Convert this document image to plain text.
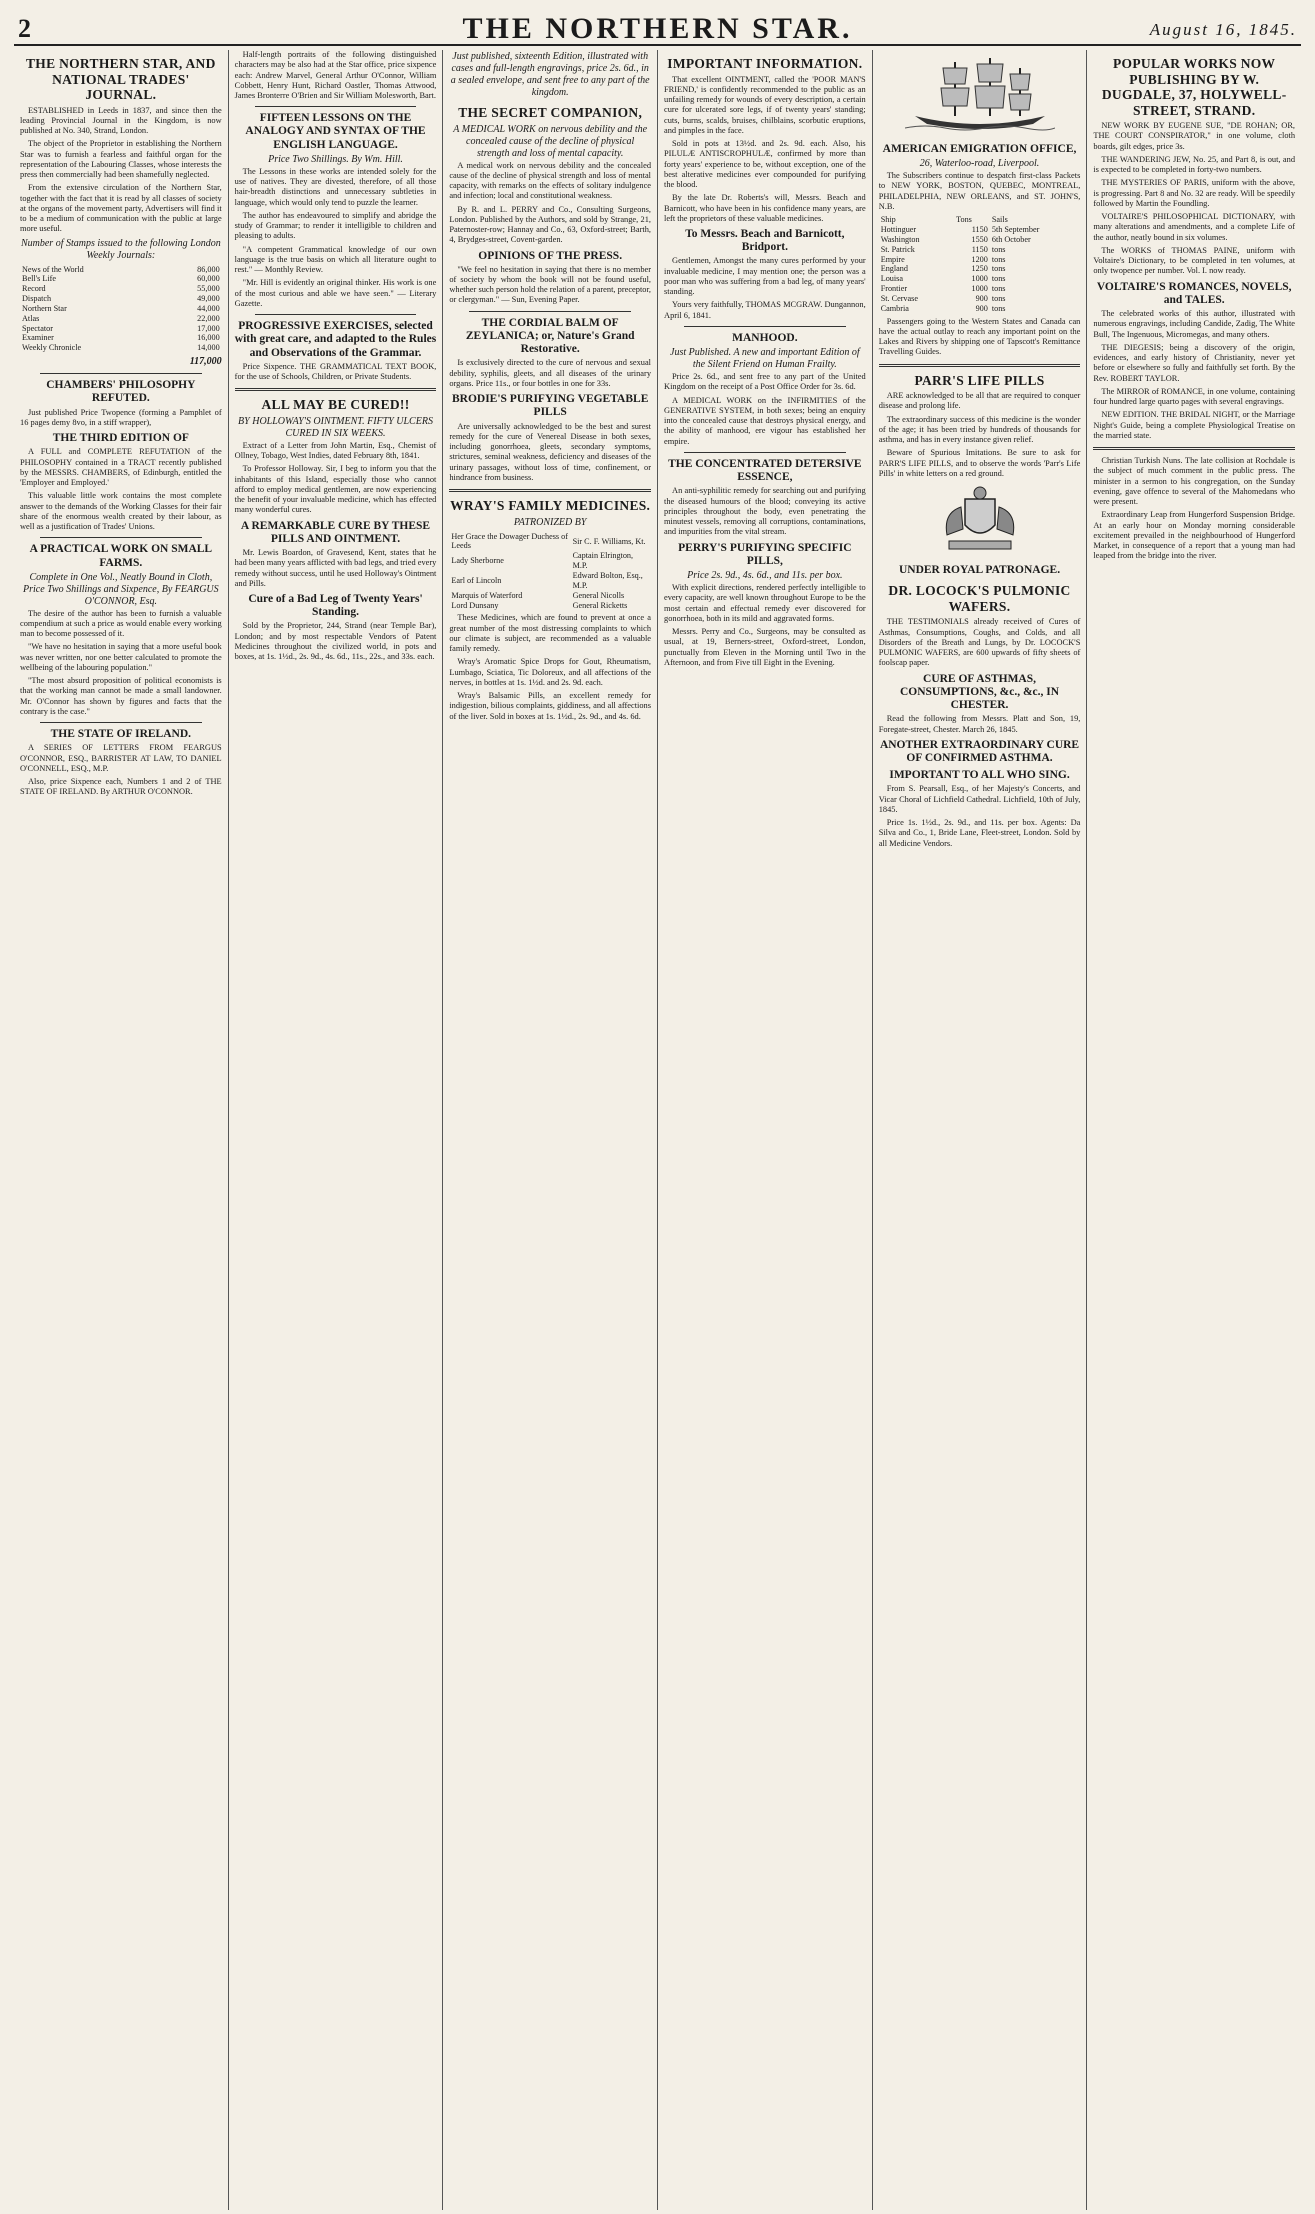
2	THE NORTHERN STAR.	August 16, 1845.
THE NORTHERN STAR, AND NATIONAL TRADES' JOURNAL.

ESTABLISHED in Leeds in 1837, and since then the leading Provincial Journal in the Kingdom, is now published at No. 340, Strand, London.

The object of the Proprietor in establishing the Northern Star was to furnish a fearless and faithful organ for the representation of the Labouring Classes, whose interests the press then commercially had been shamefully neglected.

From the extensive circulation of the Northern Star, together with the fact that it is read by all classes of society at the organs of the movement party, Advertisers will find it to be a medium of communication with the public at large more useful.

Number of Stamps issued to the following London Weekly Journals:
News of the World	86,000
Bell's Life	60,000
Record	55,000
Dispatch	49,000
Northern Star	44,000
Atlas	22,000
Spectator	17,000
Examiner	16,000
Weekly Chronicle	14,000
117,000
CHAMBERS' PHILOSOPHY REFUTED.

Just published Price Twopence (forming a Pamphlet of 16 pages demy 8vo, in a stiff wrapper),

THE THIRD EDITION OF

A FULL and COMPLETE REFUTATION of the PHILOSOPHY contained in a TRACT recently published by the MESSRS. CHAMBERS, of Edinburgh, entitled the 'Employer and Employed.'

This valuable little work contains the most complete answer to the demands of the Working Classes for their fair share of the enormous wealth created by their labour, as well as a justification of Trades' Unions.

A PRACTICAL WORK ON SMALL FARMS.
Complete in One Vol., Neatly Bound in Cloth, Price Two Shillings and Sixpence, By FEARGUS O'CONNOR, Esq.

The desire of the author has been to furnish a valuable compendium at such a price as would enable every working man to become possessed of it.

"We have no hesitation in saying that a more useful book was never written, nor one better calculated to promote the wellbeing of the labouring population."

"The most absurd proposition of political economists is that the working man cannot be made a small landowner. Mr. O'Connor has shown by figures and facts that the contrary is the case."

THE STATE OF IRELAND.

A SERIES OF LETTERS FROM FEARGUS O'CONNOR, ESQ., BARRISTER AT LAW, TO DANIEL O'CONNELL, ESQ., M.P.

Also, price Sixpence each, Numbers 1 and 2 of THE STATE OF IRELAND. By ARTHUR O'CONNOR.

Half-length portraits of the following distinguished characters may be also had at the Star office, price sixpence each: Andrew Marvel, General Arthur O'Connor, William Cobbett, Henry Hunt, Richard Oastler, Thomas Attwood, James Bronterre O'Brien and Sir William Molesworth, Bart.

FIFTEEN LESSONS ON THE ANALOGY AND SYNTAX OF THE ENGLISH LANGUAGE.
Price Two Shillings. By Wm. Hill.

The Lessons in these works are intended solely for the use of natives. They are divested, therefore, of all those hair-breadth distinctions and unnecessary subtleties in language, which would only tend to puzzle the learner.

The author has endeavoured to simplify and abridge the study of Grammar; to render it intelligible to children and pleasing to adults.

"A competent Grammatical knowledge of our own language is the true basis on which all literature ought to rest." — Monthly Review.

"Mr. Hill is evidently an original thinker. His work is one of the most curious and able we have seen." — Literary Gazette.

PROGRESSIVE EXERCISES, selected with great care, and adapted to the Rules and Observations of the Grammar.

Price Sixpence. THE GRAMMATICAL TEXT BOOK, for the use of Schools, Children, or Private Students.

ALL MAY BE CURED!!
BY HOLLOWAY'S OINTMENT. FIFTY ULCERS CURED IN SIX WEEKS.

Extract of a Letter from John Martin, Esq., Chemist of Ollney, Tobago, West Indies, dated February 8th, 1841.

To Professor Holloway. Sir, I beg to inform you that the inhabitants of this Island, especially those who cannot afford to employ medical gentlemen, are now experiencing the benefit of your invaluable medicine, which has effected many wonderful cures.

A REMARKABLE CURE BY THESE PILLS AND OINTMENT.

Mr. Lewis Boardon, of Gravesend, Kent, states that he had been many years afflicted with bad legs, and tried every remedy without success, until he used Holloway's Ointment and Pills.

Cure of a Bad Leg of Twenty Years' Standing.

Sold by the Proprietor, 244, Strand (near Temple Bar), London; and by most respectable Vendors of Patent Medicines throughout the civilized world, in pots and boxes, at 1s. 1½d., 2s. 9d., 4s. 6d., 11s., 22s., and 33s. each.

Just published, sixteenth Edition, illustrated with cases and full-length engravings, price 2s. 6d., in a sealed envelope, and sent free to any part of the kingdom.
THE SECRET COMPANION,
A MEDICAL WORK on nervous debility and the concealed cause of the decline of physical strength and loss of mental capacity.

A medical work on nervous debility and the concealed cause of the decline of physical strength and loss of mental capacity, with remarks on the effects of solitary indulgence and infection; local and constitutional weakness.

By R. and L. PERRY and Co., Consulting Surgeons, London. Published by the Authors, and sold by Strange, 21, Paternoster-row; Hannay and Co., 63, Oxford-street; Barth, 4, Brydges-street, Covent-garden.

OPINIONS OF THE PRESS.

"We feel no hesitation in saying that there is no member of society by whom the book will not be found useful, whether such person hold the relation of a parent, preceptor, or clergyman." — Sun, Evening Paper.

THE CORDIAL BALM OF ZEYLANICA; or, Nature's Grand Restorative.

Is exclusively directed to the cure of nervous and sexual debility, syphilis, gleets, and all diseases of the urinary organs. Price 11s., or four bottles in one for 33s.

BRODIE'S PURIFYING VEGETABLE PILLS

Are universally acknowledged to be the best and surest remedy for the cure of Venereal Disease in both sexes, including gonorrhoea, gleets, secondary symptoms, strictures, seminal weakness, deficiency and diseases of the urinary passages, without loss of time, confinement, or hindrance from business.

WRAY'S FAMILY MEDICINES.
PATRONIZED BY
Her Grace the Dowager Duchess of Leeds	Sir C. F. Williams, Kt.
Lady Sherborne	Captain Elrington, M.P.
Earl of Lincoln	Edward Bolton, Esq., M.P.
Marquis of Waterford	General Nicolls
Lord Dunsany	General Ricketts

These Medicines, which are found to prevent at once a great number of the most distressing complaints to which our climate is subject, are recommended as a valuable family remedy.

Wray's Aromatic Spice Drops for Gout, Rheumatism, Lumbago, Sciatica, Tic Doloreux, and all affections of the nerves, in bottles at 1s. 1½d. and 2s. 9d. each.

Wray's Balsamic Pills, an excellent remedy for indigestion, bilious complaints, giddiness, and all affections of the liver. Sold in boxes at 1s. 1½d., 2s. 9d., and 4s. 6d.

IMPORTANT INFORMATION.

That excellent OINTMENT, called the 'POOR MAN'S FRIEND,' is confidently recommended to the public as an unfailing remedy for wounds of every description, a certain cure for ulcerated sore legs, if of twenty years' standing; cuts, burns, scalds, bruises, chilblains, scorbutic eruptions, and pimples in the face.

Sold in pots at 13½d. and 2s. 9d. each. Also, his PILULÆ ANTISCROPHULÆ, confirmed by more than forty years' experience to be, without exception, one of the best alterative medicines ever compounded for purifying the blood.

By the late Dr. Roberts's will, Messrs. Beach and Barnicott, who have been in his confidence many years, are left the proprietors of these valuable medicines.

To Messrs. Beach and Barnicott, Bridport.

Gentlemen, Amongst the many cures performed by your invaluable medicine, I may mention one; the person was a poor man who was suffering from a bad leg, of many years' standing.

Yours very faithfully, THOMAS MCGRAW. Dungannon, April 6, 1841.

MANHOOD.
Just Published. A new and important Edition of the Silent Friend on Human Frailty.

Price 2s. 6d., and sent free to any part of the United Kingdom on the receipt of a Post Office Order for 3s. 6d.

A MEDICAL WORK on the INFIRMITIES of the GENERATIVE SYSTEM, in both sexes; being an enquiry into the concealed cause that destroys physical energy, and the ability of manhood, ere vigour has established her empire.

THE CONCENTRATED DETERSIVE ESSENCE,

An anti-syphilitic remedy for searching out and purifying the diseased humours of the blood; conveying its active principles throughout the body, even penetrating the minutest vessels, removing all corruptions, contaminations, and impurities from the vital stream.

PERRY'S PURIFYING SPECIFIC PILLS,
Price 2s. 9d., 4s. 6d., and 11s. per box.

With explicit directions, rendered perfectly intelligible to every capacity, are well known throughout Europe to be the most certain and effectual remedy ever discovered for gonorrhoea, both in its mild and aggravated forms.

Messrs. Perry and Co., Surgeons, may be consulted as usual, at 19, Berners-street, Oxford-street, London, punctually from Eleven in the Morning until Two in the Afternoon, and from Five till Eight in the Evening.

AMERICAN EMIGRATION OFFICE,
26, Waterloo-road, Liverpool.

The Subscribers continue to despatch first-class Packets to NEW YORK, BOSTON, QUEBEC, MONTREAL, PHILADELPHIA, NEW ORLEANS, and ST. JOHN'S, N.B.

Ship	Tons	Sails
Hottinguer	1150	5th September
Washington	1550	6th October
St. Patrick	1150	tons
Empire	1200	tons
England	1250	tons
Louisa	1000	tons
Frontier	1000	tons
St. Cervase	900	tons
Cambria	900	tons

Passengers going to the Western States and Canada can have the actual outlay to reach any important point on the Lakes and Rivers by shipping one of Tapscott's Remittance Travelling Guides.

PARR'S LIFE PILLS

ARE acknowledged to be all that are required to conquer disease and prolong life.

The extraordinary success of this medicine is the wonder of the age; it has been tried by hundreds of thousands for asthma, and has in every instance given relief.

Beware of Spurious Imitations. Be sure to ask for PARR'S LIFE PILLS, and to observe the words 'Parr's Life Pills' in white letters on a red ground.

UNDER ROYAL PATRONAGE.
DR. LOCOCK'S PULMONIC WAFERS.

THE TESTIMONIALS already received of Cures of Asthmas, Consumptions, Coughs, and Colds, and all Disorders of the Breath and Lungs, by Dr. LOCOCK'S PULMONIC WAFERS, are 600 upwards of fifty sheets of foolscap paper.

CURE OF ASTHMAS, CONSUMPTIONS, &c., &c., IN CHESTER.

Read the following from Messrs. Platt and Son, 19, Foregate-street, Chester. March 26, 1845.

ANOTHER EXTRAORDINARY CURE OF CONFIRMED ASTHMA.
IMPORTANT TO ALL WHO SING.

From S. Pearsall, Esq., of her Majesty's Concerts, and Vicar Choral of Lichfield Cathedral. Lichfield, 10th of July, 1845.

Price 1s. 1½d., 2s. 9d., and 11s. per box. Agents: Da Silva and Co., 1, Bride Lane, Fleet-street, London. Sold by all Medicine Vendors.

POPULAR WORKS NOW PUBLISHING BY W. DUGDALE, 37, HOLYWELL-STREET, STRAND.

NEW WORK BY EUGENE SUE, "DE ROHAN; OR, THE COURT CONSPIRATOR," in one volume, cloth boards, gilt edges, price 3s.

THE WANDERING JEW, No. 25, and Part 8, is out, and is expected to be completed in forty-two numbers.

THE MYSTERIES OF PARIS, uniform with the above, is progressing. Part 8 and No. 32 are ready. Will be speedily followed by Martin the Foundling.

VOLTAIRE'S PHILOSOPHICAL DICTIONARY, with many alterations and amendments, and a complete Life of the author, neatly bound in six volumes.

The WORKS of THOMAS PAINE, uniform with Voltaire's Dictionary, to be completed in ten volumes, at only twopence per number. Vol. I. now ready.

VOLTAIRE'S ROMANCES, NOVELS, and TALES.

The celebrated works of this author, illustrated with numerous engravings, including Candide, Zadig, The White Bull, The Ingenuous, Micromegas, and many others.

THE DIEGESIS; being a discovery of the origin, evidences, and early history of Christianity, never yet before or elsewhere so fully and faithfully set forth. By the Rev. ROBERT TAYLOR.

The MIRROR of ROMANCE, in one volume, containing four hundred large quarto pages with several engravings.

NEW EDITION. THE BRIDAL NIGHT, or the Marriage Night's Guide, being a complete Physiological Treatise on the married state.

Christian Turkish Nuns. The late collision at Rochdale is the subject of much comment in the public press. The minister in a sermon to his congregation, on the Sunday evening, gave offence to several of the Mahomedans who were present.

Extraordinary Leap from Hungerford Suspension Bridge. At an early hour on Monday morning considerable excitement prevailed in the neighbourhood of Hungerford Market, in consequence of a report that a young man had leaped from the bridge into the river.
